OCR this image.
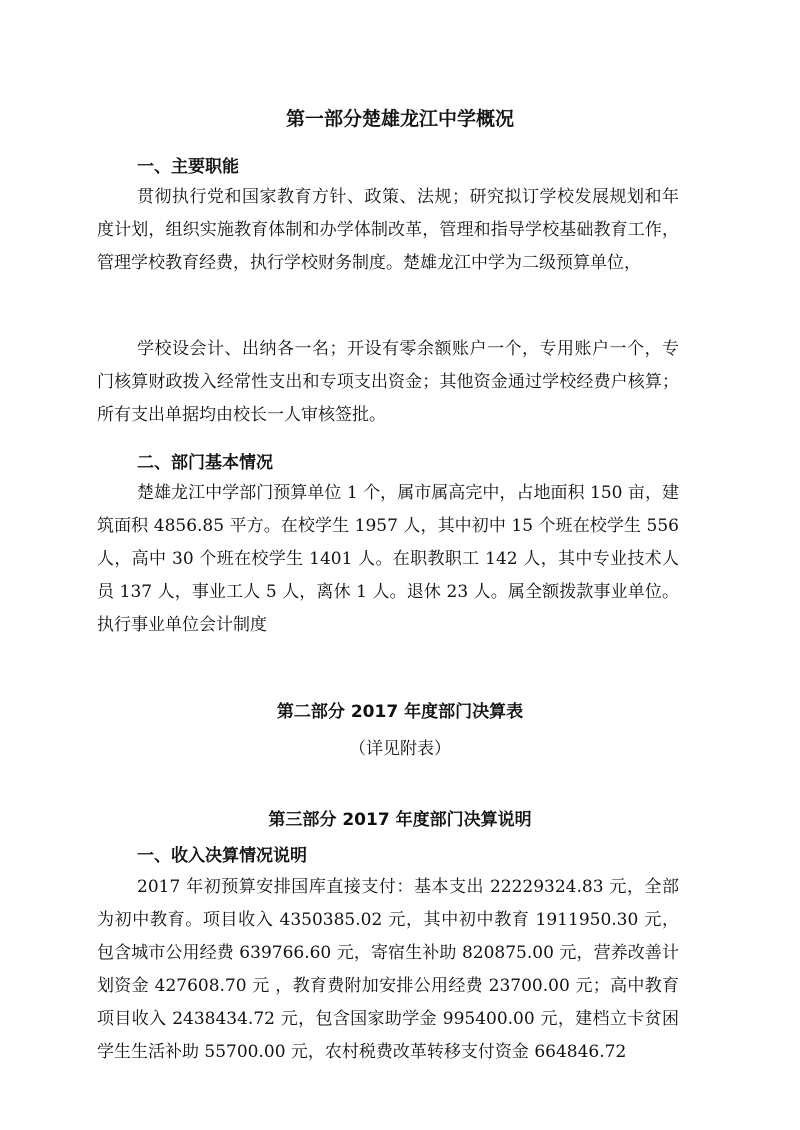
第一部分楚雄龙江中学概况
一、主要职能

贯彻执行党和国家教育方针、政策、法规；研究拟订学校发展规划和年度计划，组织实施教育体制和办学体制改革，管理和指导学校基础教育工作，管理学校教育经费，执行学校财务制度。楚雄龙江中学为二级预算单位，

学校设会计、出纳各一名；开设有零余额账户一个，专用账户一个，专门核算财政拨入经常性支出和专项支出资金；其他资金通过学校经费户核算；所有支出单据均由校长一人审核签批。

二、部门基本情况

楚雄龙江中学部门预算单位 1 个，属市属高完中，占地面积 150 亩，建筑面积 4856.85 平方。在校学生 1957 人，其中初中 15 个班在校学生 556 人，高中 30 个班在校学生 1401 人。在职教职工 142 人，其中专业技术人员 137 人，事业工人 5 人，离休 1 人。退休 23 人。属全额拨款事业单位。执行事业单位会计制度

第二部分 2017 年度部门决算表
（详见附表）
第三部分 2017 年度部门决算说明
一、收入决算情况说明

2017 年初预算安排国库直接支付：基本支出 22229324.83 元，全部为初中教育。项目收入 4350385.02 元，其中初中教育 1911950.30 元，包含城市公用经费 639766.60 元，寄宿生补助 820875.00 元，营养改善计划资金 427608.70 元 ，教育费附加安排公用经费 23700.00 元；高中教育项目收入 2438434.72 元，包含国家助学金 995400.00 元，建档立卡贫困学生生活补助 55700.00 元，农村税费改革转移支付资金 664846.72
